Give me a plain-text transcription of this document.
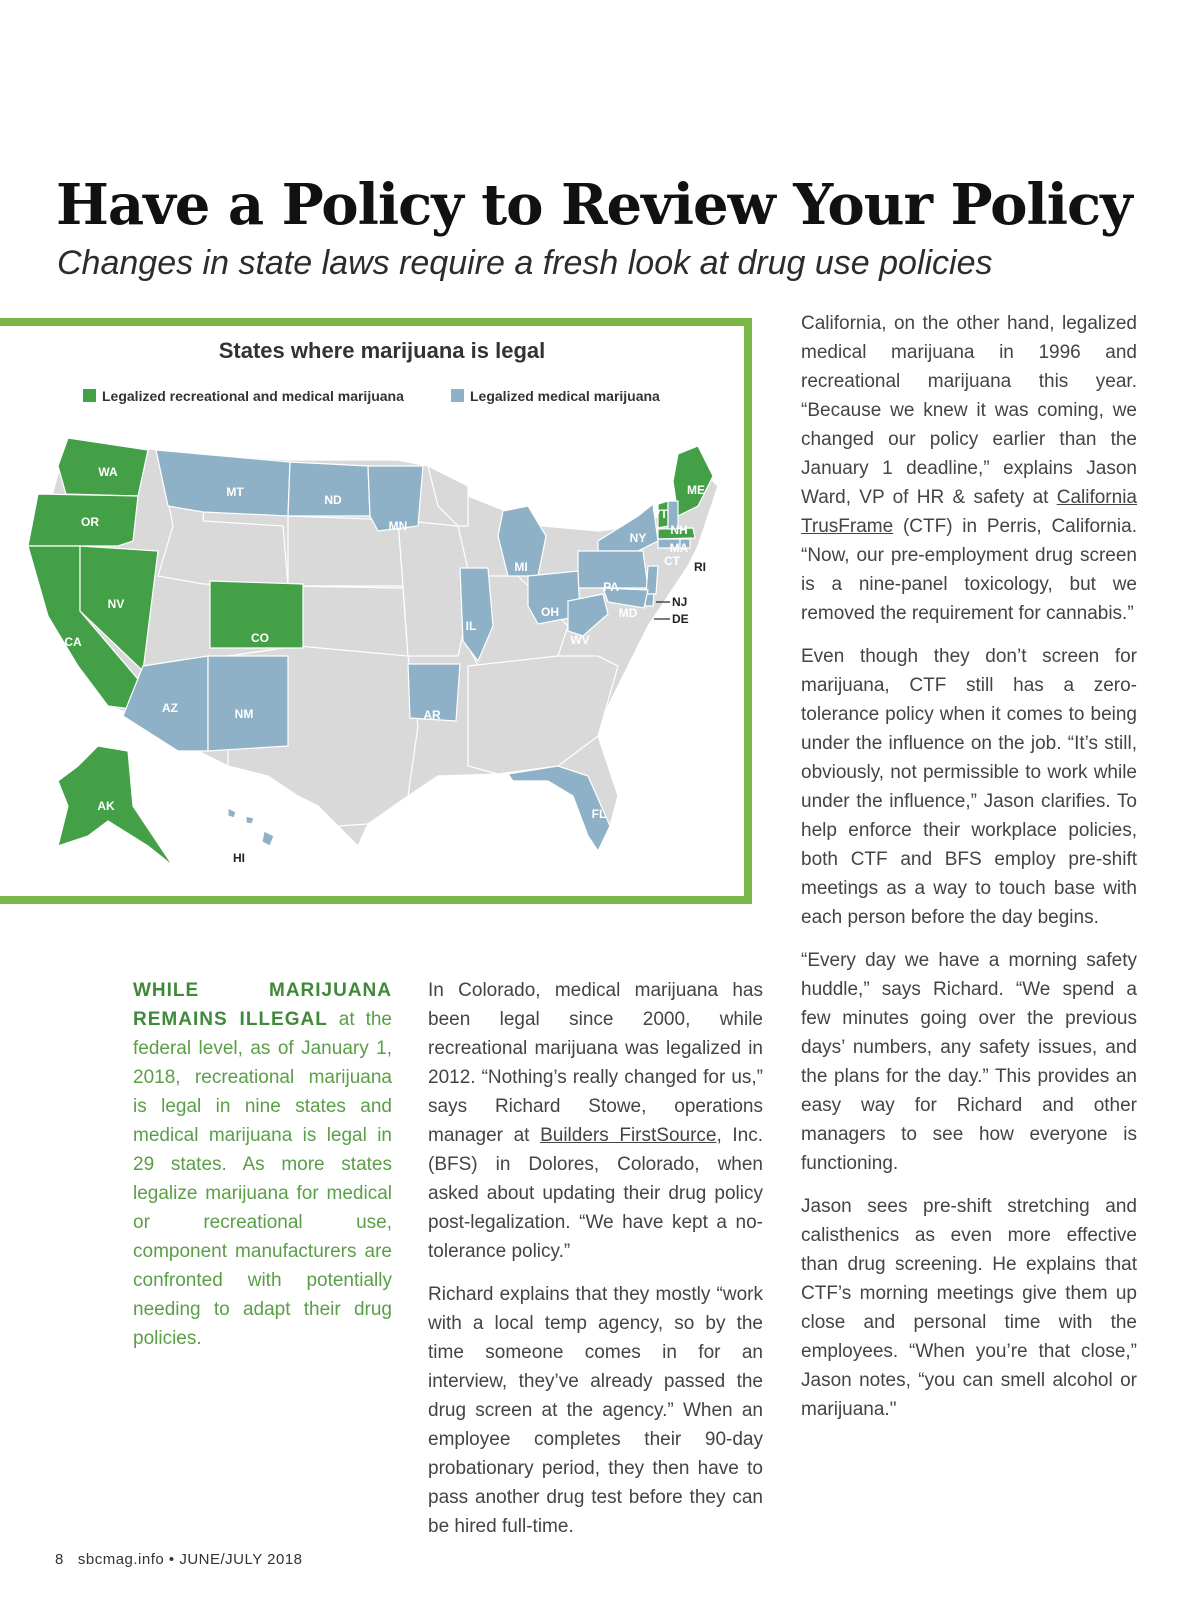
Have a Policy to Review Your Policy
Changes in state laws require a fresh look at drug use policies
States where marijuana is legal
Legalized recreational and medical marijuana	Legalized medical marijuana
WA
OR
CA
NV
CO
AK
ME
MT
ND
MN
MI
NY
VT
NH
MA
CT RI
PA
NJ
DE
MD
OH
WV
IL
AR
AZ	NM
FL
HI

WHILE MARIJUANA REMAINS ILLEGAL at the federal level, as of January 1, 2018, recreational marijuana is legal in nine states and medical marijuana is legal in 29 states. As more states legalize marijuana for medical or recreational use, component manufacturers are confronted with potentially needing to adapt their drug policies.

In Colorado, medical marijuana has been legal since 2000, while recreational marijuana was legalized in 2012. “Nothing’s really changed for us,” says Richard Stowe, operations manager at Builders FirstSource, Inc. (BFS) in Dolores, Colorado, when asked about updating their drug policy post-legalization. “We have kept a no-tolerance policy.”

Richard explains that they mostly “work with a local temp agency, so by the time someone comes in for an interview, they’ve already passed the drug screen at the agency.” When an employee completes their 90-day probationary period, they then have to pass another drug test before they can be hired full-time.

California, on the other hand, legalized medical marijuana in 1996 and recreational marijuana this year. “Because we knew it was coming, we changed our policy earlier than the January 1 deadline,” explains Jason Ward, VP of HR & safety at California TrusFrame (CTF) in Perris, California. “Now, our pre-employment drug screen is a nine-panel toxicology, but we removed the requirement for cannabis.”

Even though they don’t screen for marijuana, CTF still has a zero-tolerance policy when it comes to being under the influence on the job. “It’s still, obviously, not permissible to work while under the influence,” Jason clarifies. To help enforce their workplace policies, both CTF and BFS employ pre-shift meetings as a way to touch base with each person before the day begins.

“Every day we have a morning safety huddle,” says Richard. “We spend a few minutes going over the previous days’ numbers, any safety issues, and the plans for the day.” This provides an easy way for Richard and other managers to see how everyone is functioning.

Jason sees pre-shift stretching and calisthenics as even more effective than drug screening. He explains that CTF’s morning meetings give them up close and personal time with the employees. “When you’re that close,” Jason notes, “you can smell alcohol or marijuana."

8 sbcmag.info • JUNE/JULY 2018
